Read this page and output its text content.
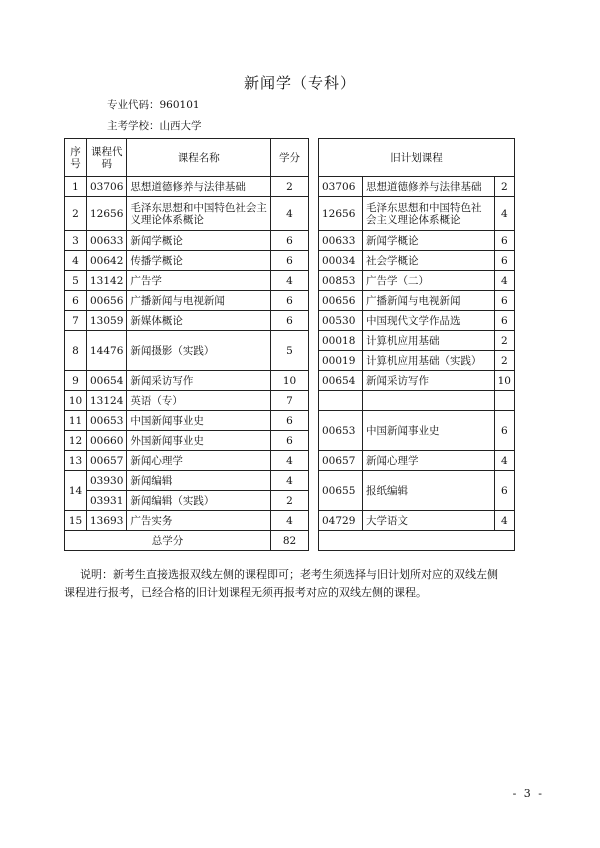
新闻学（专科）
专业代码：960101
主考学校：山西大学
序号	课程代码	课程名称	学分
1	03706	思想道德修养与法律基础	2
2	12656	毛泽东思想和中国特色社会主义理论体系概论	4
3	00633	新闻学概论	6
4	00642	传播学概论	6
5	13142	广告学	4
6	00656	广播新闻与电视新闻	6
7	13059	新媒体概论	6
8	14476	新闻摄影（实践）	5
9	00654	新闻采访写作	10
10	13124	英语（专）	7
11	00653	中国新闻事业史	6
12	00660	外国新闻事业史	6
13	00657	新闻心理学	4
14	03930	新闻编辑	4
	03931	新闻编辑（实践）	2
15	13693	广告实务	4
总学分			82
旧计划课程		
03706	思想道德修养与法律基础	2
12656	毛泽东思想和中国特色社会主义理论体系概论	4
00633	新闻学概论	6
00034	社会学概论	6
00853	广告学（二）	4
00656	广播新闻与电视新闻	6
00530	中国现代文学作品选	6
00018	计算机应用基础	2
00019	计算机应用基础（实践）	2
00654	新闻采访写作	10

00653	中国新闻事业史	6
00657	新闻心理学	4
00655	报纸编辑	6
04729	大学语文	4

说明：新考生直接选报双线左侧的课程即可；老考生须选择与旧计划所对应的双线左侧
课程进行报考，已经合格的旧计划课程无须再报考对应的双线左侧的课程。
- 3 -
